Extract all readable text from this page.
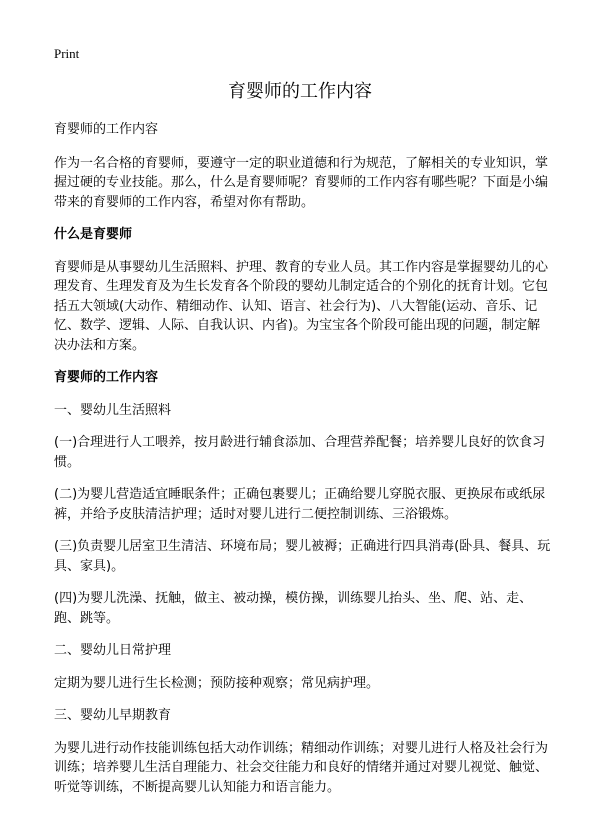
Print
育婴师的工作内容

育婴师的工作内容

作为一名合格的育婴师，要遵守一定的职业道德和行为规范，了解相关的专业知识，掌握过硬的专业技能。那么，什么是育婴师呢？育婴师的工作内容有哪些呢？下面是小编带来的育婴师的工作内容，希望对你有帮助。

什么是育婴师

育婴师是从事婴幼儿生活照料、护理、教育的专业人员。其工作内容是掌握婴幼儿的心理发育、生理发育及为生长发育各个阶段的婴幼儿制定适合的个别化的抚育计划。它包括五大领域(大动作、精细动作、认知、语言、社会行为)、八大智能(运动、音乐、记忆、数学、逻辑、人际、自我认识、内省)。为宝宝各个阶段可能出现的问题，制定解决办法和方案。

育婴师的工作内容

一、婴幼儿生活照料

(一)合理进行人工喂养，按月龄进行辅食添加、合理营养配餐；培养婴儿良好的饮食习惯。

(二)为婴儿营造适宜睡眠条件；正确包裹婴儿；正确给婴儿穿脱衣服、更换尿布或纸尿裤，并给予皮肤清洁护理；适时对婴儿进行二便控制训练、三浴锻炼。

(三)负责婴儿居室卫生清洁、环境布局；婴儿被褥；正确进行四具消毒(卧具、餐具、玩具、家具)。

(四)为婴儿洗澡、抚触，做主、被动操，模仿操，训练婴儿抬头、坐、爬、站、走、跑、跳等。

二、婴幼儿日常护理

定期为婴儿进行生长检测；预防接种观察；常见病护理。

三、婴幼儿早期教育

为婴儿进行动作技能训练包括大动作训练；精细动作训练；对婴儿进行人格及社会行为训练；培养婴儿生活自理能力、社会交往能力和良好的情绪并通过对婴儿视觉、触觉、听觉等训练，不断提高婴儿认知能力和语言能力。
